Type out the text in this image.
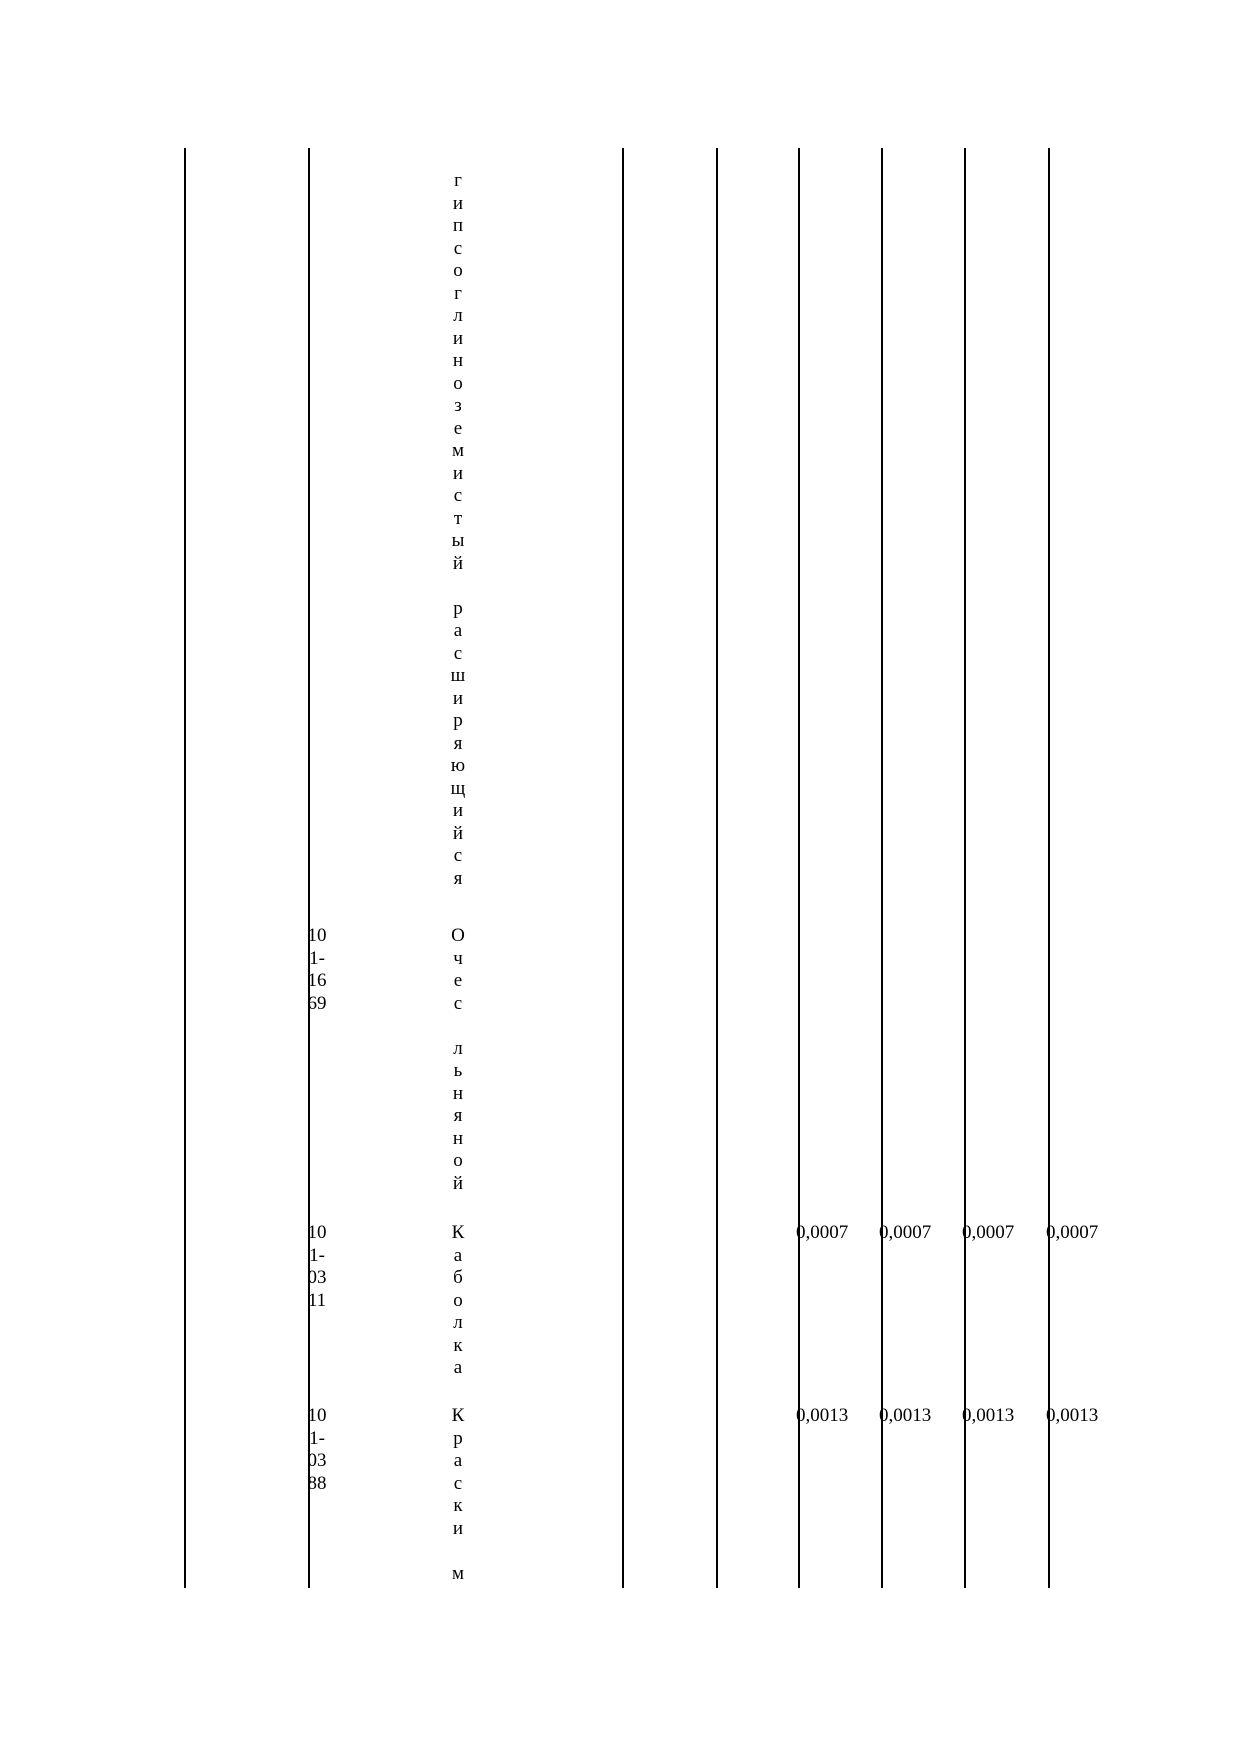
г
и
п
с
о
г
л
и
н
о
з
е
м
и
с
т
ы
й

р
а
с
ш
и
р
я
ю
щ
и
й
с
я
10
1-
16
69
О
ч
е
с

л
ь
н
я
н
о
й
10
1-
03
11
К
а
б
о
л
к
а
0,0007 0,0007 0,0007 0,0007
10
1-
03
88
К
р
а
с
к
и

м
0,0013 0,0013 0,0013 0,0013
